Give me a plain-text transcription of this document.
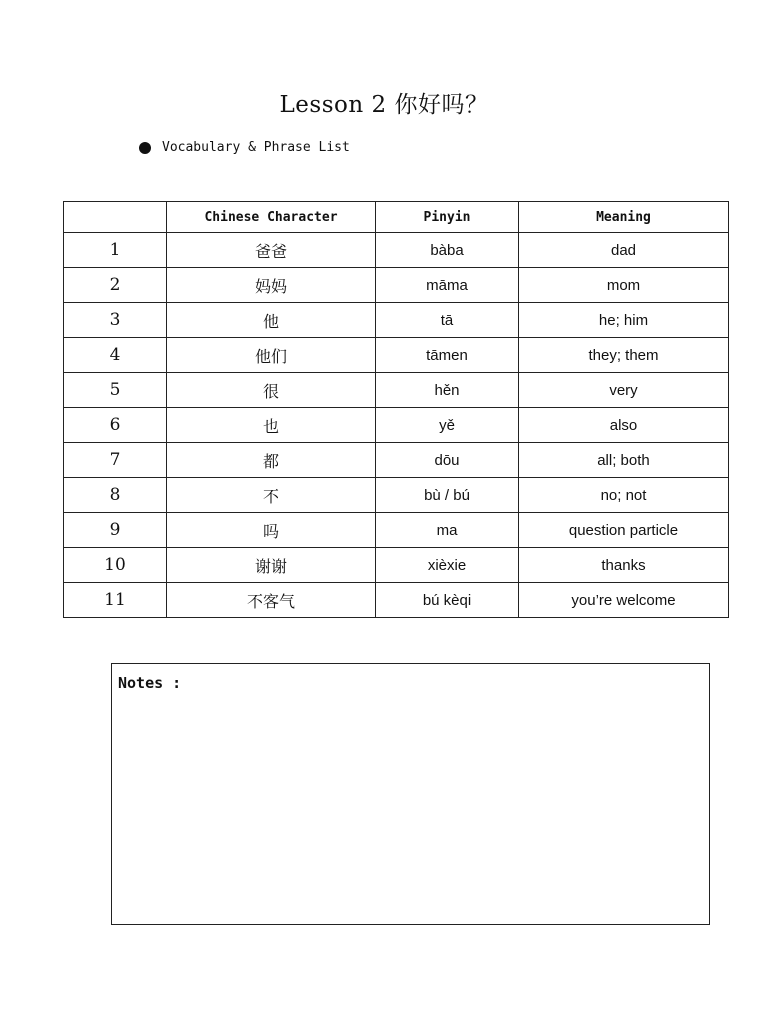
Lesson 2 你好吗？
Vocabulary & Phrase List
	Chinese Character	Pinyin	Meaning
1	爸爸	bàba	dad
2	妈妈	māma	mom
3	他	tā	he; him
4	他们	tāmen	they; them
5	很	hěn	very
6	也	yě	also
7	都	dōu	all; both
8	不	bù / bú	no; not
9	吗	ma	question particle
10	谢谢	xièxie	thanks
11	不客气	bú kèqi	you’re welcome
Notes :
